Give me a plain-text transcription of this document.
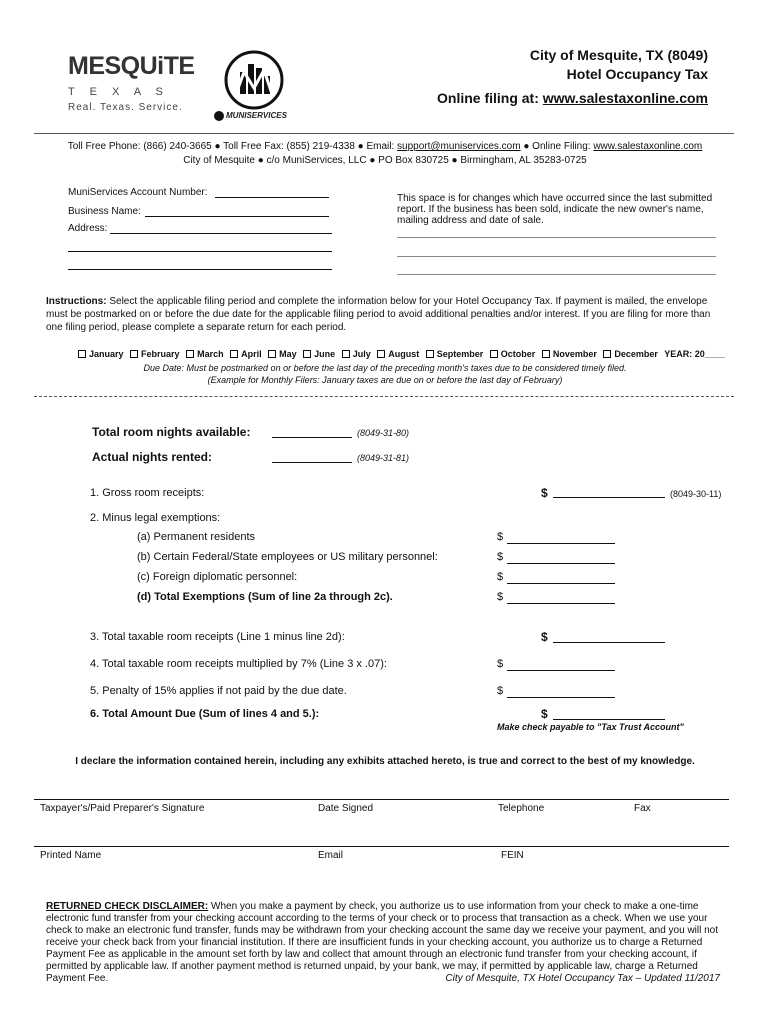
MESQUiTE
T E X A S
Real. Texas. Service.
MUNISERVICES
City of Mesquite, TX (8049)
Hotel Occupancy Tax
Online filing at: www.salestaxonline.com
Toll Free Phone: (866) 240-3665 ● Toll Free Fax: (855) 219-4338 ● Email: support@muniservices.com ● Online Filing: www.salestaxonline.com
City of Mesquite ● c/o MuniServices, LLC ● PO Box 830725 ● Birmingham, AL 35283-0725
MuniServices Account Number:
Business Name:
Address:
This space is for changes which have occurred since the last submitted report. If the business has been sold, indicate the new owner's name, mailing address and date of sale.
Instructions: Select the applicable filing period and complete the information below for your Hotel Occupancy Tax. If payment is mailed, the envelope must be postmarked on or before the due date for the applicable filing period to avoid additional penalties and/or interest. If you are filing for more than one filing period, please complete a separate return for each period.
January February March April May June July August September October November December YEAR: 20____
Due Date: Must be postmarked on or before the last day of the preceding month's taxes due to be considered timely filed.
(Example for Monthly Filers: January taxes are due on or before the last day of February)
Total room nights available:	(8049-31-80)
Actual nights rented:	(8049-31-81)
1. Gross room receipts:	$	(8049-30-11)
2. Minus legal exemptions:
(a) Permanent residents	$
(b) Certain Federal/State employees or US military personnel:	$
(c) Foreign diplomatic personnel:	$
(d) Total Exemptions (Sum of line 2a through 2c).	$
3. Total taxable room receipts (Line 1 minus line 2d):	$
4. Total taxable room receipts multiplied by 7% (Line 3 x .07):	$
5. Penalty of 15% applies if not paid by the due date.	$
6. Total Amount Due (Sum of lines 4 and 5.):	$
Make check payable to "Tax Trust Account"
I declare the information contained herein, including any exhibits attached hereto, is true and correct to the best of my knowledge.
Taxpayer's/Paid Preparer's Signature	Date Signed	Telephone	Fax
Printed Name	Email	FEIN
RETURNED CHECK DISCLAIMER: When you make a payment by check, you authorize us to use information from your check to make a one-time electronic fund transfer from your checking account according to the terms of your check or to process that transaction as a check. When we use your check to make an electronic fund transfer, funds may be withdrawn from your checking account the same day we receive your payment, and you will not receive your check back from your financial institution. If there are insufficient funds in your checking account, you authorize us to charge a Returned Payment Fee as applicable in the amount set forth by law and collect that amount through an electronic fund transfer from your checking account, if permitted by applicable law. If another payment method is returned unpaid, by your bank, we may, if permitted by applicable law, charge a Returned Payment Fee.	City of Mesquite, TX Hotel Occupancy Tax – Updated 11/2017
